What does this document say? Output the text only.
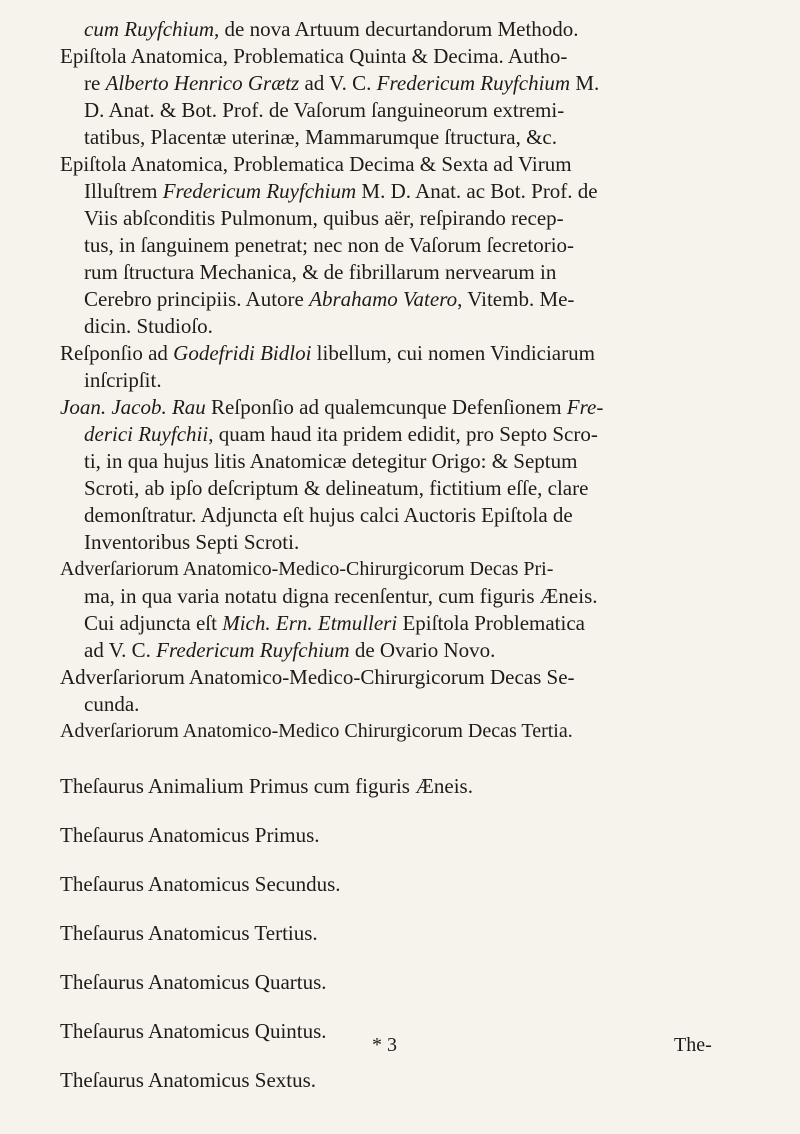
cum Ruyfchium, de nova Artuum decurtandorum Methodo.
Epiſtola Anatomica, Problematica Quinta & Decima. Autho-
re Alberto Henrico Grætz ad V. C. Fredericum Ruyfchium M.
D. Anat. & Bot. Prof. de Vaſorum ſanguineorum extremi-
tatibus, Placentæ uterinæ, Mammarumque ſtructura, &c.
Epiſtola Anatomica, Problematica Decima & Sexta ad Virum
Illuſtrem Fredericum Ruyfchium M. D. Anat. ac Bot. Prof. de
Viis abſconditis Pulmonum, quibus aër, reſpirando recep-
tus, in ſanguinem penetrat; nec non de Vaſorum ſecretorio-
rum ſtructura Mechanica, & de fibrillarum nervearum in
Cerebro principiis. Autore Abrahamo Vatero, Vitemb. Me-
dicin. Studioſo.
Reſponſio ad Godefridi Bidloi libellum, cui nomen Vindiciarum
inſcripſit.
Joan. Jacob. Rau Reſponſio ad qualemcunque Defenſionem Fre-
derici Ruyfchii, quam haud ita pridem edidit, pro Septo Scro-
ti, in qua hujus litis Anatomicæ detegitur Origo: & Septum
Scroti, ab ipſo deſcriptum & delineatum, fictitium eſſe, clare
demonſtratur. Adjuncta eſt hujus calci Auctoris Epiſtola de
Inventoribus Septi Scroti.
Adverſariorum Anatomico-Medico-Chirurgicorum Decas Pri-
ma, in qua varia notatu digna recenſentur, cum figuris Æneis.
Cui adjuncta eſt Mich. Ern. Etmulleri Epiſtola Problematica
ad V. C. Fredericum Ruyfchium de Ovario Novo.
Adverſariorum Anatomico-Medico-Chirurgicorum Decas Se-
cunda.
Adverſariorum Anatomico-Medico Chirurgicorum Decas Tertia.

Theſaurus Animalium Primus cum figuris Æneis.

Theſaurus Anatomicus Primus.

Theſaurus Anatomicus Secundus.

Theſaurus Anatomicus Tertius.

Theſaurus Anatomicus Quartus.

Theſaurus Anatomicus Quintus.

Theſaurus Anatomicus Sextus.

* 3	The-
